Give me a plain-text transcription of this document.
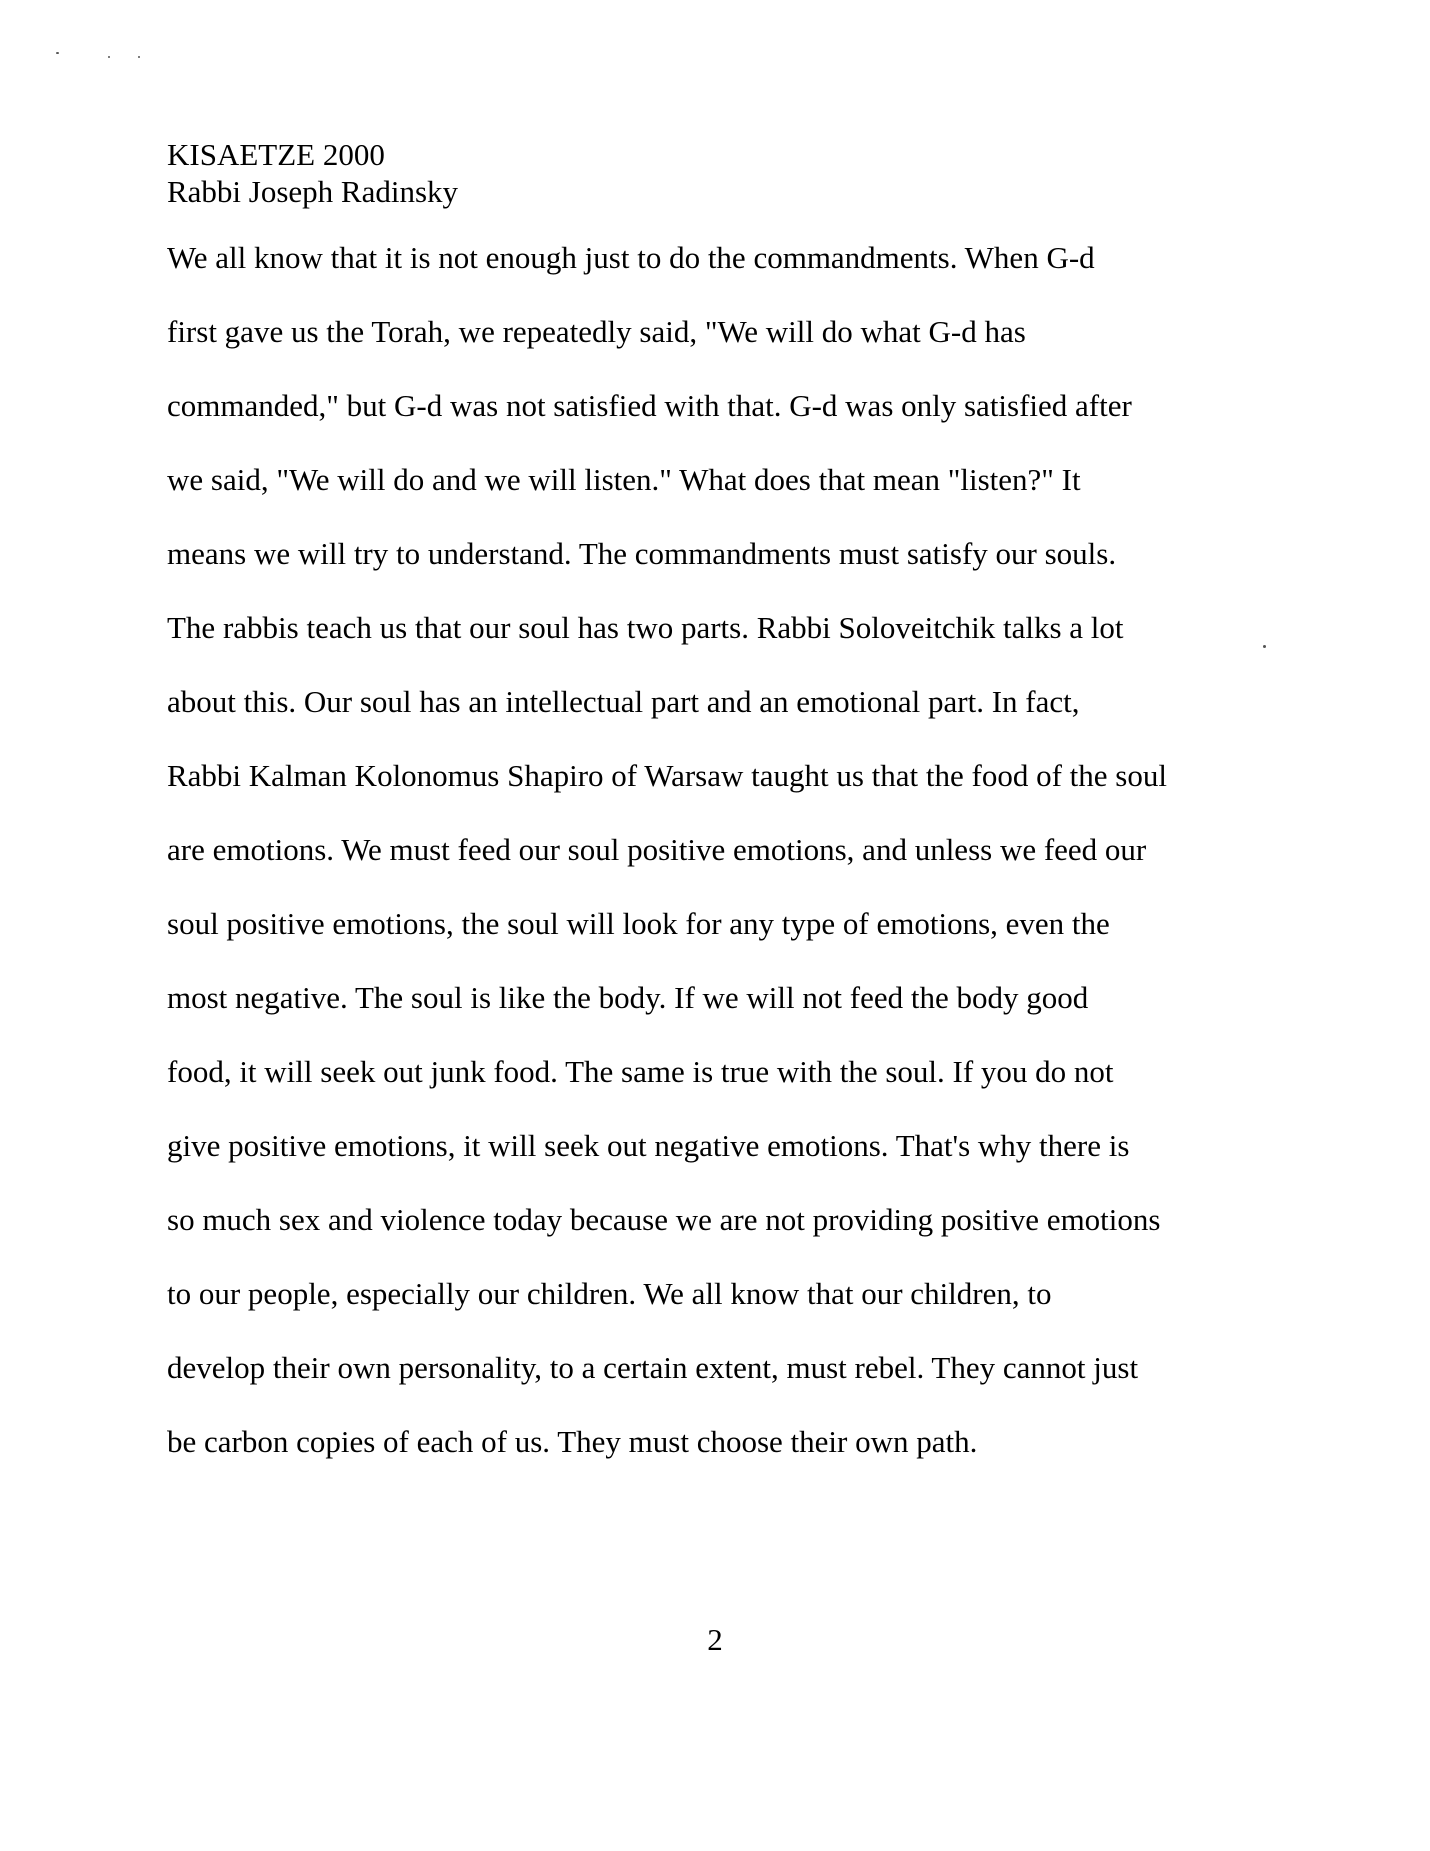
KISAETZE 2000
Rabbi Joseph Radinsky
We all know that it is not enough just to do the commandments. When G-d
first gave us the Torah, we repeatedly said, "We will do what G-d has
commanded," but G-d was not satisfied with that. G-d was only satisfied after
we said, "We will do and we will listen." What does that mean "listen?" It
means we will try to understand. The commandments must satisfy our souls.
The rabbis teach us that our soul has two parts. Rabbi Soloveitchik talks a lot
about this. Our soul has an intellectual part and an emotional part. In fact,
Rabbi Kalman Kolonomus Shapiro of Warsaw taught us that the food of the soul
are emotions. We must feed our soul positive emotions, and unless we feed our
soul positive emotions, the soul will look for any type of emotions, even the
most negative. The soul is like the body. If we will not feed the body good
food, it will seek out junk food. The same is true with the soul. If you do not
give positive emotions, it will seek out negative emotions. That's why there is
so much sex and violence today because we are not providing positive emotions
to our people, especially our children. We all know that our children, to
develop their own personality, to a certain extent, must rebel. They cannot just
be carbon copies of each of us. They must choose their own path.
2
